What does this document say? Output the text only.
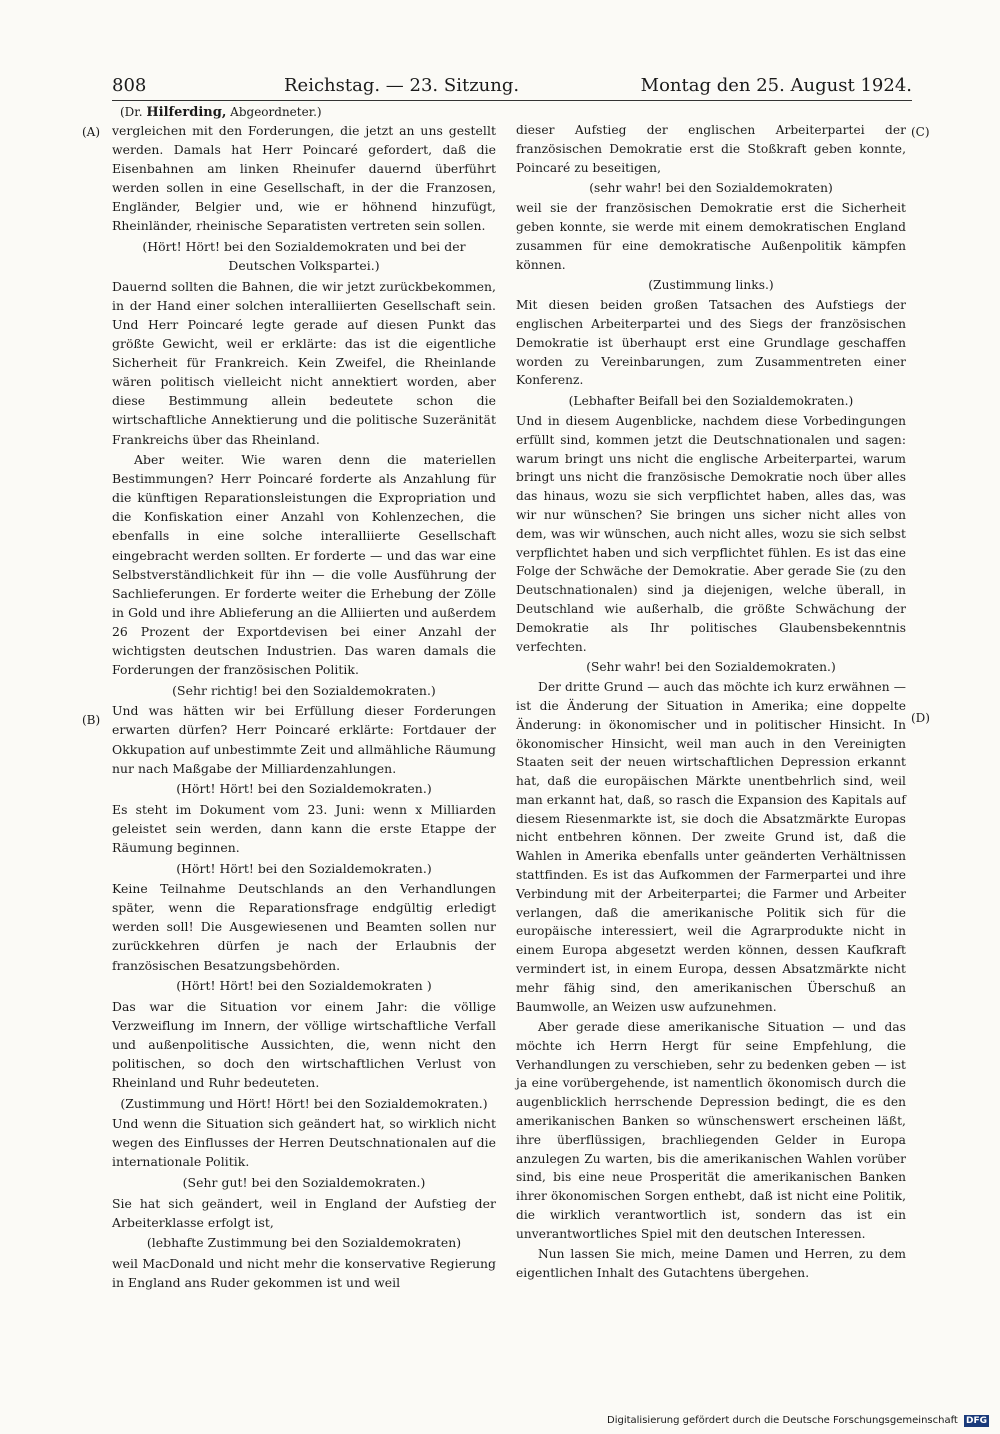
808	Reichstag. — 23. Sitzung.	Montag den 25. August 1924.
(Dr. Hilferding, Abgeordneter.)
(A)
(B)
(C)
(D)

vergleichen mit den Forderungen, die jetzt an uns gestellt werden. Damals hat Herr Poincaré gefordert, daß die Eisenbahnen am linken Rheinufer dauernd überführt werden sollen in eine Gesellschaft, in der die Franzosen, Engländer, Belgier und, wie er höhnend hinzufügt, Rheinländer, rheinische Separatisten vertreten sein sollen.

(Hört! Hört! bei den Sozialdemokraten und bei der Deutschen Volkspartei.)

Dauernd sollten die Bahnen, die wir jetzt zurückbekommen, in der Hand einer solchen interalliierten Gesellschaft sein. Und Herr Poincaré legte gerade auf diesen Punkt das größte Gewicht, weil er erklärte: das ist die eigentliche Sicherheit für Frankreich. Kein Zweifel, die Rheinlande wären politisch vielleicht nicht annektiert worden, aber diese Bestimmung allein bedeutete schon die wirtschaftliche Annektierung und die politische Suzeränität Frankreichs über das Rheinland.

Aber weiter. Wie waren denn die materiellen Bestimmungen? Herr Poincaré forderte als Anzahlung für die künftigen Reparationsleistungen die Expropriation und die Konfiskation einer Anzahl von Kohlenzechen, die ebenfalls in eine solche interalliierte Gesellschaft eingebracht werden sollten. Er forderte — und das war eine Selbstverständlichkeit für ihn — die volle Ausführung der Sachlieferungen. Er forderte weiter die Erhebung der Zölle in Gold und ihre Ablieferung an die Alliierten und außerdem 26 Prozent der Exportdevisen bei einer Anzahl der wichtigsten deutschen Industrien. Das waren damals die Forderungen der französischen Politik.

(Sehr richtig! bei den Sozialdemokraten.)

Und was hätten wir bei Erfüllung dieser Forderungen erwarten dürfen? Herr Poincaré erklärte: Fortdauer der Okkupation auf unbestimmte Zeit und allmähliche Räumung nur nach Maßgabe der Milliardenzahlungen.

(Hört! Hört! bei den Sozialdemokraten.)

Es steht im Dokument vom 23. Juni: wenn x Milliarden geleistet sein werden, dann kann die erste Etappe der Räumung beginnen.

(Hört! Hört! bei den Sozialdemokraten.)

Keine Teilnahme Deutschlands an den Verhandlungen später, wenn die Reparationsfrage endgültig erledigt werden soll! Die Ausgewiesenen und Beamten sollen nur zurückkehren dürfen je nach der Erlaubnis der französischen Besatzungsbehörden.

(Hört! Hört! bei den Sozialdemokraten )

Das war die Situation vor einem Jahr: die völlige Verzweiflung im Innern, der völlige wirtschaftliche Verfall und außenpolitische Aussichten, die, wenn nicht den politischen, so doch den wirtschaftlichen Verlust von Rheinland und Ruhr bedeuteten.

(Zustimmung und Hört! Hört! bei den Sozialdemokraten.)

Und wenn die Situation sich geändert hat, so wirklich nicht wegen des Einflusses der Herren Deutschnationalen auf die internationale Politik.

(Sehr gut! bei den Sozialdemokraten.)

Sie hat sich geändert, weil in England der Aufstieg der Arbeiterklasse erfolgt ist,

(lebhafte Zustimmung bei den Sozialdemokraten)

weil MacDonald und nicht mehr die konservative Regierung in England ans Ruder gekommen ist und weil

dieser Aufstieg der englischen Arbeiterpartei der französischen Demokratie erst die Stoßkraft geben konnte, Poincaré zu beseitigen,

(sehr wahr! bei den Sozialdemokraten)

weil sie der französischen Demokratie erst die Sicherheit geben konnte, sie werde mit einem demokratischen England zusammen für eine demokratische Außenpolitik kämpfen können.

(Zustimmung links.)

Mit diesen beiden großen Tatsachen des Aufstiegs der englischen Arbeiterpartei und des Siegs der französischen Demokratie ist überhaupt erst eine Grundlage geschaffen worden zu Vereinbarungen, zum Zusammentreten einer Konferenz.

(Lebhafter Beifall bei den Sozialdemokraten.)

Und in diesem Augenblicke, nachdem diese Vorbedingungen erfüllt sind, kommen jetzt die Deutschnationalen und sagen: warum bringt uns nicht die englische Arbeiterpartei, warum bringt uns nicht die französische Demokratie noch über alles das hinaus, wozu sie sich verpflichtet haben, alles das, was wir nur wünschen? Sie bringen uns sicher nicht alles von dem, was wir wünschen, auch nicht alles, wozu sie sich selbst verpflichtet haben und sich verpflichtet fühlen. Es ist das eine Folge der Schwäche der Demokratie. Aber gerade Sie (zu den Deutschnationalen) sind ja diejenigen, welche überall, in Deutschland wie außerhalb, die größte Schwächung der Demokratie als Ihr politisches Glaubensbekenntnis verfechten.

(Sehr wahr! bei den Sozialdemokraten.)

Der dritte Grund — auch das möchte ich kurz erwähnen — ist die Änderung der Situation in Amerika; eine doppelte Änderung: in ökonomischer und in politischer Hinsicht. In ökonomischer Hinsicht, weil man auch in den Vereinigten Staaten seit der neuen wirtschaftlichen Depression erkannt hat, daß die europäischen Märkte unentbehrlich sind, weil man erkannt hat, daß, so rasch die Expansion des Kapitals auf diesem Riesenmarkte ist, sie doch die Absatzmärkte Europas nicht entbehren können. Der zweite Grund ist, daß die Wahlen in Amerika ebenfalls unter geänderten Verhältnissen stattfinden. Es ist das Aufkommen der Farmerpartei und ihre Verbindung mit der Arbeiterpartei; die Farmer und Arbeiter verlangen, daß die amerikanische Politik sich für die europäische interessiert, weil die Agrarprodukte nicht in einem Europa abgesetzt werden können, dessen Kaufkraft vermindert ist, in einem Europa, dessen Absatzmärkte nicht mehr fähig sind, den amerikanischen Überschuß an Baumwolle, an Weizen usw aufzunehmen.

Aber gerade diese amerikanische Situation — und das möchte ich Herrn Hergt für seine Empfehlung, die Verhandlungen zu verschieben, sehr zu bedenken geben — ist ja eine vorübergehende, ist namentlich ökonomisch durch die augenblicklich herrschende Depression bedingt, die es den amerikanischen Banken so wünschenswert erscheinen läßt, ihre überflüssigen, brachliegenden Gelder in Europa anzulegen Zu warten, bis die amerikanischen Wahlen vorüber sind, bis eine neue Prosperität die amerikanischen Banken ihrer ökonomischen Sorgen enthebt, daß ist nicht eine Politik, die wirklich verantwortlich ist, sondern das ist ein unverantwortliches Spiel mit den deutschen Interessen.

Nun lassen Sie mich, meine Damen und Herren, zu dem eigentlichen Inhalt des Gutachtens übergehen.

Digitalisierung gefördert durch die Deutsche Forschungsgemeinschaft DFG
